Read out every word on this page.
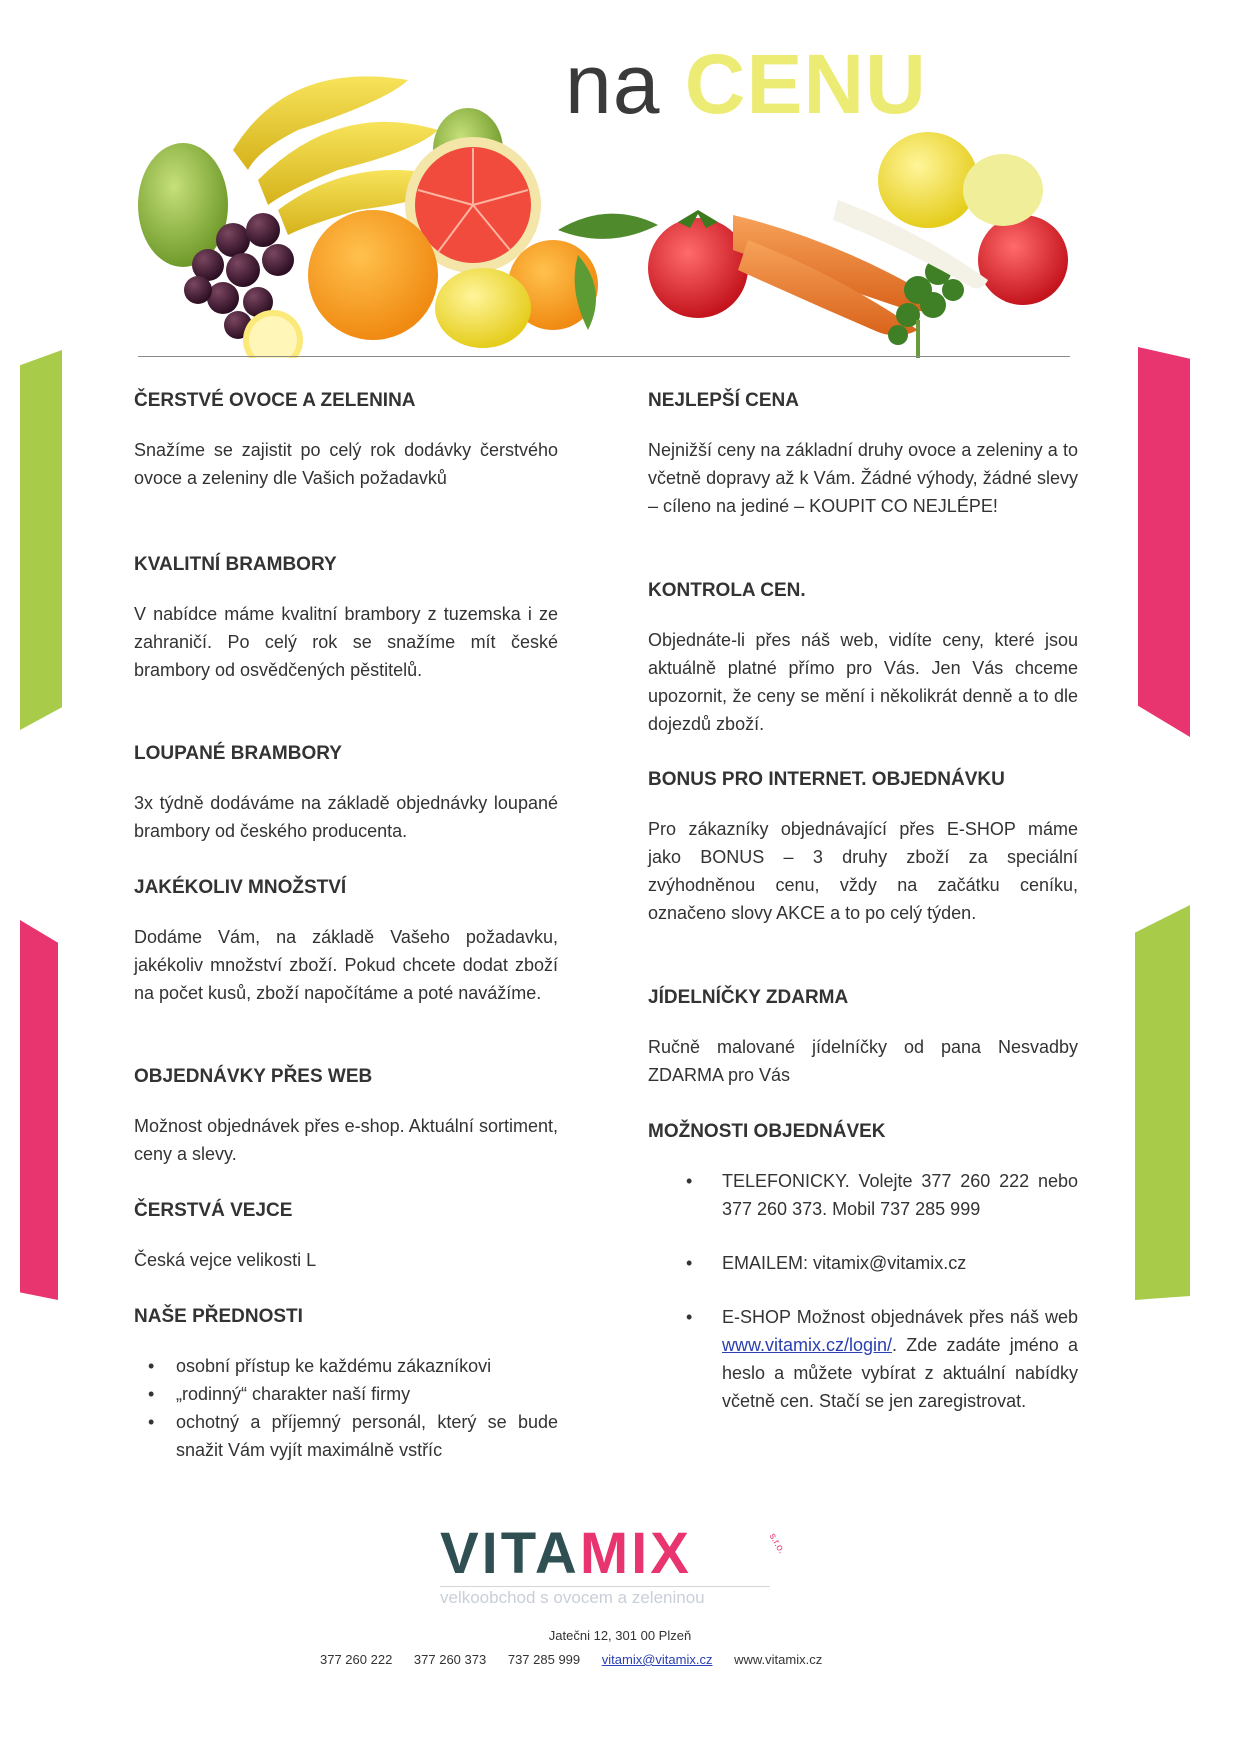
na CENU
ČERSTVÉ OVOCE A ZELENINA

Snažíme se zajistit po celý rok dodávky čerstvého ovoce a zeleniny dle Vašich požadavků

KVALITNÍ BRAMBORY

V nabídce máme kvalitní brambory z tuzemska i ze zahraničí. Po celý rok se snažíme mít české brambory od osvědčených pěstitelů.

LOUPANÉ BRAMBORY

3x týdně dodáváme na základě objednávky loupané brambory od českého producenta.

JAKÉKOLIV MNOŽSTVÍ

Dodáme Vám, na základě Vašeho požadavku, jakékoliv množství zboží. Pokud chcete dodat zboží na počet kusů, zboží napočítáme a poté navážíme.

OBJEDNÁVKY PŘES WEB

Možnost objednávek přes e-shop. Aktuální sortiment, ceny a slevy.

ČERSTVÁ VEJCE

Česká vejce velikosti L

NAŠE PŘEDNOSTI
• osobní přístup ke každému zákazníkovi
• „rodinný“ charakter naší firmy
• ochotný a příjemný personál, který se bude snažit Vám vyjít maximálně vstříc
NEJLEPŠÍ CENA

Nejnižší ceny na základní druhy ovoce a zeleniny a to včetně dopravy až k Vám. Žádné výhody, žádné slevy – cíleno na jediné – KOUPIT CO NEJLÉPE!

KONTROLA CEN.

Objednáte-li přes náš web, vidíte ceny, které jsou aktuálně platné přímo pro Vás. Jen Vás chceme upozornit, že ceny se mění i několikrát denně a to dle dojezdů zboží.

BONUS PRO INTERNET. OBJEDNÁVKU

Pro zákazníky objednávající přes E-SHOP máme jako BONUS – 3 druhy zboží za speciální zvýhodněnou cenu, vždy na začátku ceníku, označeno slovy AKCE a to po celý týden.

JÍDELNÍČKY ZDARMA

Ručně malované jídelníčky od pana Nesvadby ZDARMA pro Vás

MOŽNOSTI OBJEDNÁVEK
• TELEFONICKY. Volejte 377 260 222 nebo 377 260 373. Mobil 737 285 999
• EMAILEM: vitamix@vitamix.cz
• E-SHOP Možnost objednávek přes náš web www.vitamix.cz/login/. Zde zadáte jméno a heslo a můžete vybírat z aktuální nabídky včetně cen. Stačí se jen zaregistrovat.
VITAMIX	s.r.o.
velkoobchod s ovocem a zeleninou
Jatečni 12, 301 00 Plzeň
377 260 222 377 260 373 737 285 999 vitamix@vitamix.cz www.vitamix.cz
